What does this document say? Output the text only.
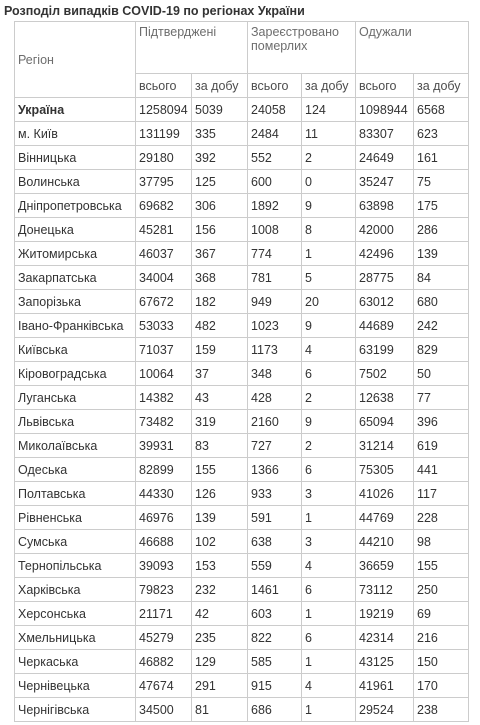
Розподіл випадків COVID-19 по регіонах України
Регіон	Підтверджені		Зареєстровано померлих		Одужали	
	всього	за добу	всього	за добу	всього	за добу
Україна	1258094	5039	24058	124	1098944	6568
м. Київ	131199	335	2484	11	83307	623
Вінницька	29180	392	552	2	24649	161
Волинська	37795	125	600	0	35247	75
Дніпропетровська	69682	306	1892	9	63898	175
Донецька	45281	156	1008	8	42000	286
Житомирська	46037	367	774	1	42496	139
Закарпатська	34004	368	781	5	28775	84
Запорізька	67672	182	949	20	63012	680
Івано-Франківська	53033	482	1023	9	44689	242
Київська	71037	159	1173	4	63199	829
Кіровоградська	10064	37	348	6	7502	50
Луганська	14382	43	428	2	12638	77
Львівська	73482	319	2160	9	65094	396
Миколаївська	39931	83	727	2	31214	619
Одеська	82899	155	1366	6	75305	441
Полтавська	44330	126	933	3	41026	117
Рівненська	46976	139	591	1	44769	228
Сумська	46688	102	638	3	44210	98
Тернопільська	39093	153	559	4	36659	155
Харківська	79823	232	1461	6	73112	250
Херсонська	21171	42	603	1	19219	69
Хмельницька	45279	235	822	6	42314	216
Черкаська	46882	129	585	1	43125	150
Чернівецька	47674	291	915	4	41961	170
Чернігівська	34500	81	686	1	29524	238
